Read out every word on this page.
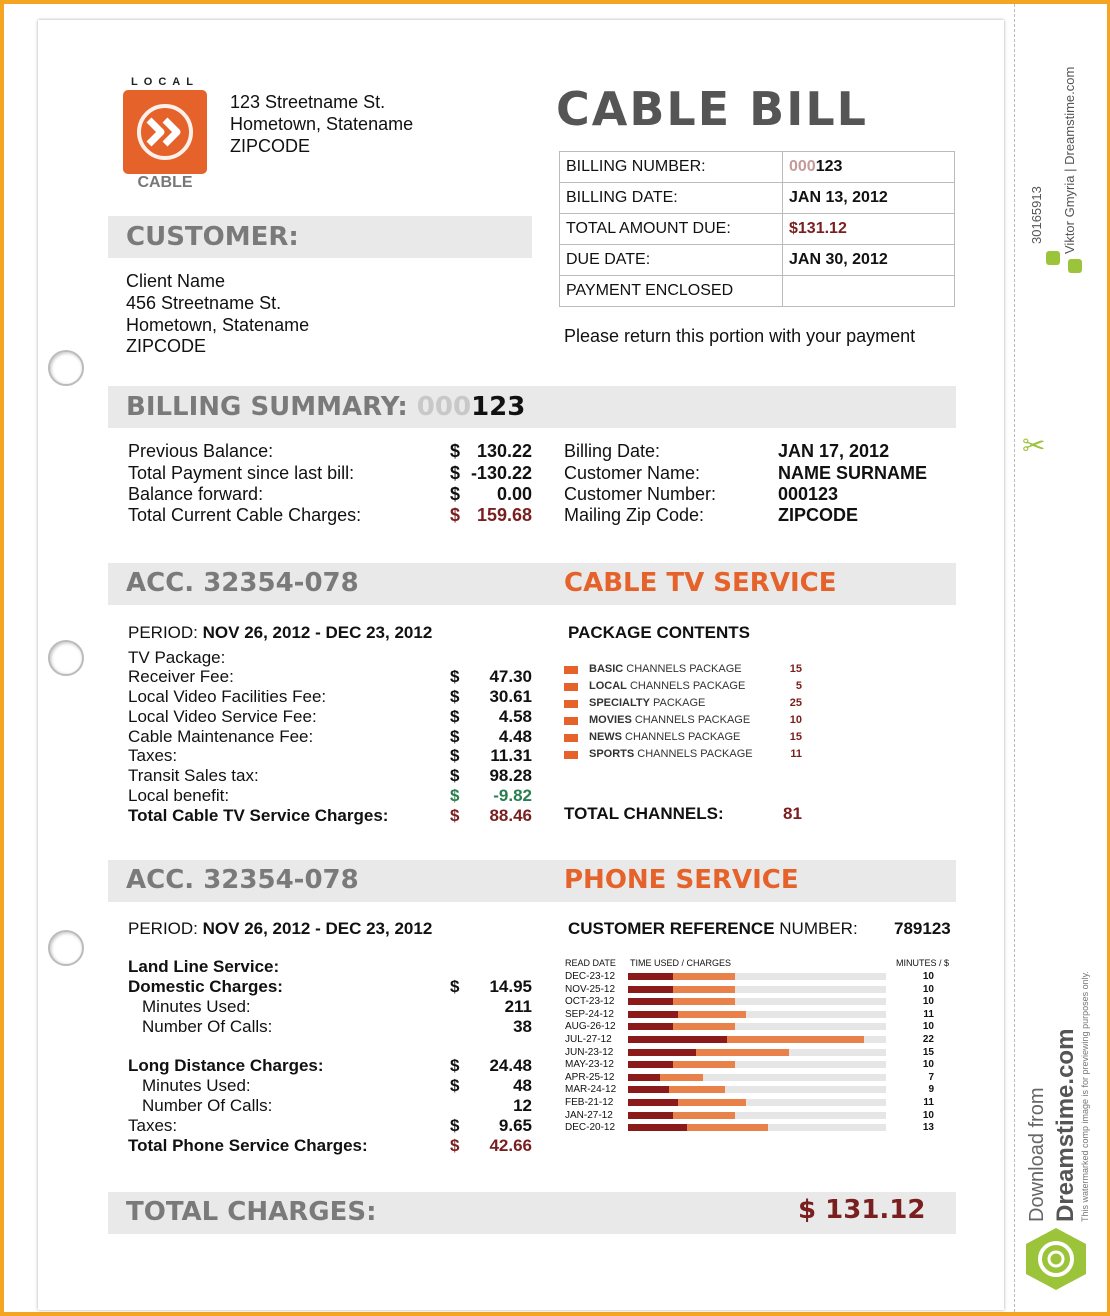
LOCAL
CABLE
123 Streetname St.
Hometown, Statename
ZIPCODE
CABLE BILL
BILLING NUMBER:	000123
BILLING DATE:	JAN 13, 2012
TOTAL AMOUNT DUE:	$131.12
DUE DATE:	JAN 30, 2012
PAYMENT ENCLOSED	
Please return this portion with your payment
CUSTOMER:
Client Name
456 Streetname St.
Hometown, Statename
ZIPCODE
BILLING SUMMARY: 000123
Previous Balance:	$ 130.22
Total Payment since last bill:	$ -130.22
Balance forward:	$	0.00
Total Current Cable Charges:	$ 159.68
Billing Date:	JAN 17, 2012
Customer Name:	NAME SURNAME
Customer Number:	000123
Mailing Zip Code:	ZIPCODE
ACC. 32354-078	CABLE TV SERVICE
PERIOD: NOV 26, 2012 - DEC 23, 2012
TV Package:
Receiver Fee:	$	47.30
Local Video Facilities Fee:	$	30.61
Local Video Service Fee:	$	4.58
Cable Maintenance Fee:	$	4.48
Taxes:	$	11.31
Transit Sales tax:	$	98.28
Local benefit:	$	-9.82
Total Cable TV Service Charges:	$	88.46
PACKAGE CONTENTS
TOTAL CHANNELS:	81
ACC. 32354-078	PHONE SERVICE
PERIOD: NOV 26, 2012 - DEC 23, 2012
Land Line Service:
Domestic Charges:	$	14.95
Minutes Used:	211
Number Of Calls:	38
Long Distance Charges:	$	24.48
Minutes Used:	$	48
Number Of Calls:	12
Taxes:	$	9.65
Total Phone Service Charges:	$	42.66
CUSTOMER REFERENCE NUMBER: 789123
READ DATE TIME USED / CHARGES	MINUTES / $
TOTAL CHARGES:	$ 131.12
BASIC CHANNELS PACKAGE	15
LOCAL CHANNELS PACKAGE	5
SPECIALTY PACKAGE	25
MOVIES CHANNELS PACKAGE	10
NEWS CHANNELS PACKAGE	15
SPORTS CHANNELS PACKAGE	11
DEC-23-12	10
NOV-25-12	10
OCT-23-12	10
SEP-24-12	11
AUG-26-12	10
JUL-27-12	22
JUN-23-12	15
MAY-23-12	10
APR-25-12	7
MAR-24-12	9
FEB-21-12	11
JAN-27-12	10
DEC-20-12	13
30165913 Viktor Gmyria | Dreamstime.com
Download from Dreamstime.com This watermarked comp image is for previewing purposes only.
✂
